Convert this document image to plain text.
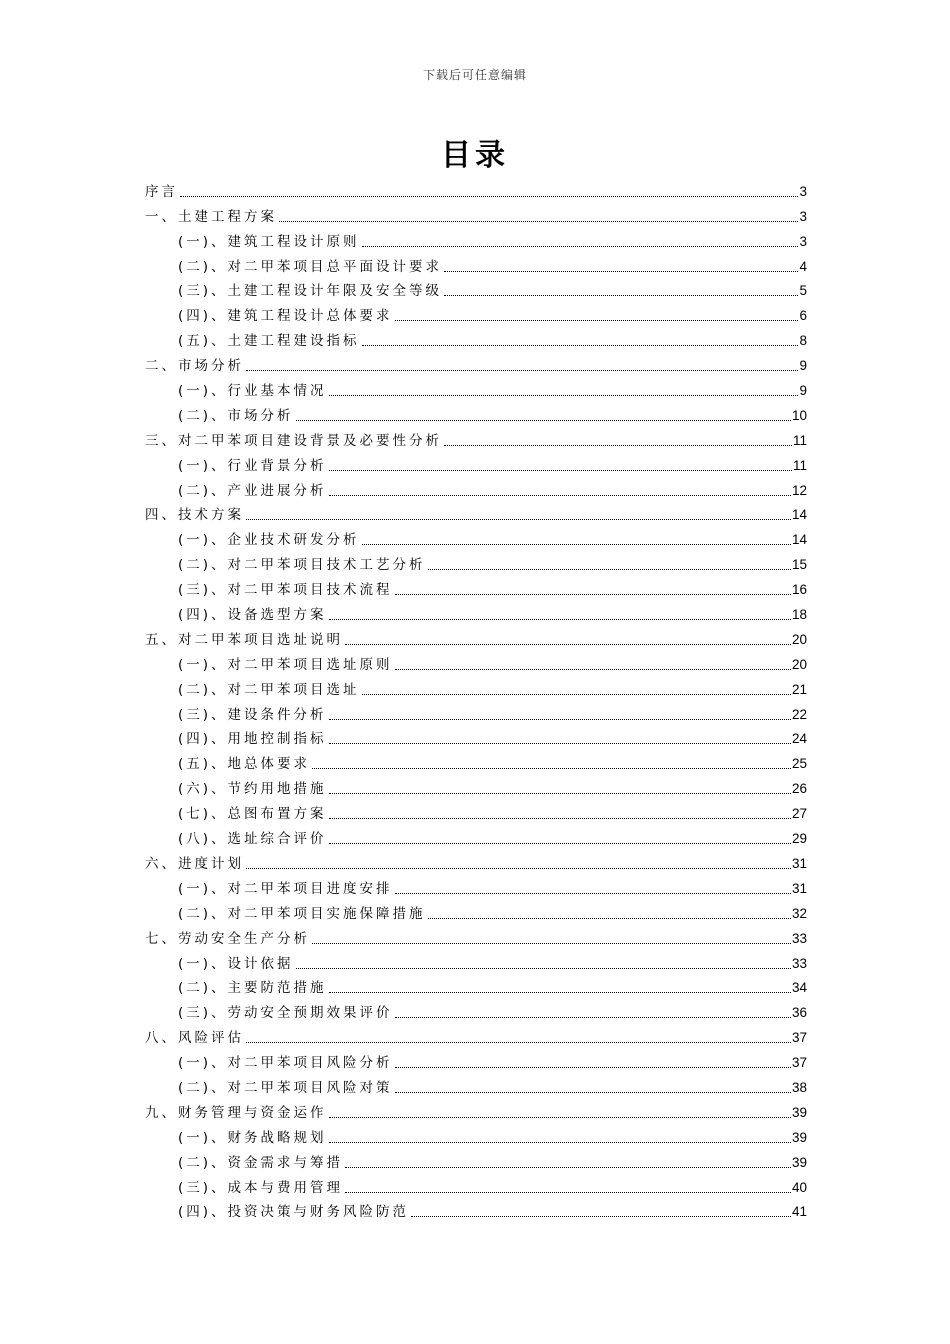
下载后可任意编辑
目录
序言	3
一、土建工程方案	3
(一)、建筑工程设计原则	3
(二)、对二甲苯项目总平面设计要求	4
(三)、土建工程设计年限及安全等级	5
(四)、建筑工程设计总体要求	6
(五)、土建工程建设指标	8
二、市场分析	9
(一)、行业基本情况	9
(二)、市场分析	10
三、对二甲苯项目建设背景及必要性分析	11
(一)、行业背景分析	11
(二)、产业进展分析	12
四、技术方案	14
(一)、企业技术研发分析	14
(二)、对二甲苯项目技术工艺分析	15
(三)、对二甲苯项目技术流程	16
(四)、设备选型方案	18
五、对二甲苯项目选址说明	20
(一)、对二甲苯项目选址原则	20
(二)、对二甲苯项目选址	21
(三)、建设条件分析	22
(四)、用地控制指标	24
(五)、地总体要求	25
(六)、节约用地措施	26
(七)、总图布置方案	27
(八)、选址综合评价	29
六、进度计划	31
(一)、对二甲苯项目进度安排	31
(二)、对二甲苯项目实施保障措施	32
七、劳动安全生产分析	33
(一)、设计依据	33
(二)、主要防范措施	34
(三)、劳动安全预期效果评价	36
八、风险评估	37
(一)、对二甲苯项目风险分析	37
(二)、对二甲苯项目风险对策	38
九、财务管理与资金运作	39
(一)、财务战略规划	39
(二)、资金需求与筹措	39
(三)、成本与费用管理	40
(四)、投资决策与财务风险防范	41
